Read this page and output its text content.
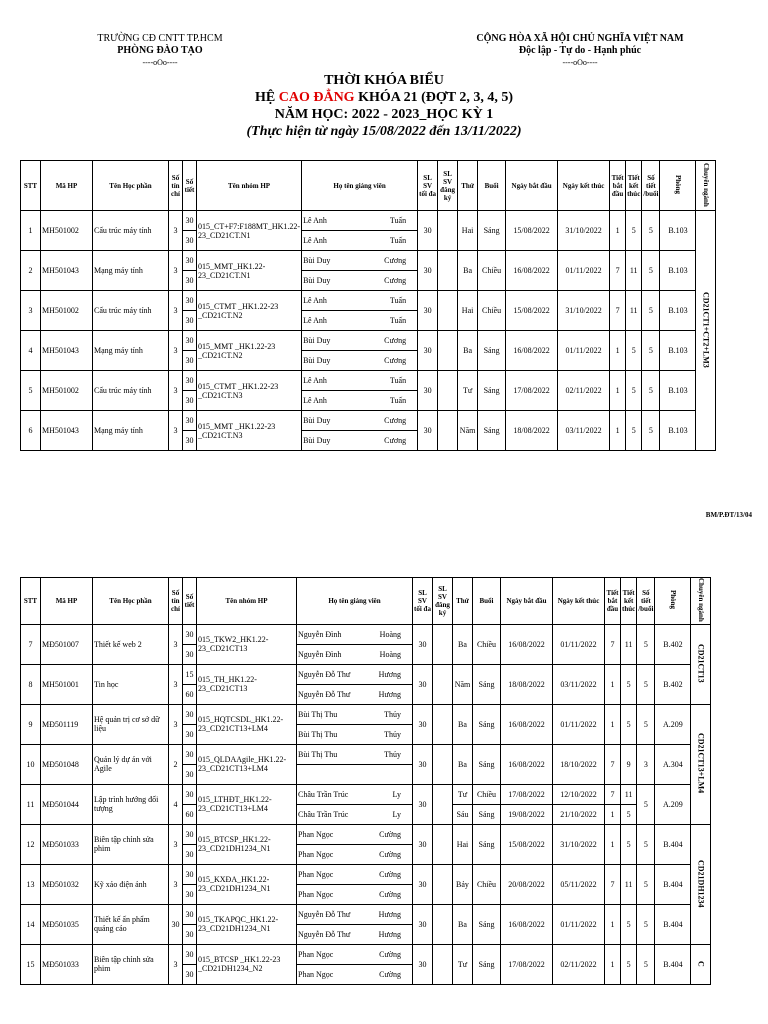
TRƯỜNG CĐ CNTT TP.HCM
PHÒNG ĐÀO TẠO
----oOo----
CỘNG HÒA XÃ HỘI CHỦ NGHĨA VIỆT NAM
Độc lập - Tự do - Hạnh phúc
----oOo----
THỜI KHÓA BIỂU
HỆ CAO ĐẲNG KHÓA 21 (ĐỢT 2, 3, 4, 5)
NĂM HỌC: 2022 - 2023_HỌC KỲ 1
(Thực hiện từ ngày 15/08/2022 đến 13/11/2022)
STT	Mã HP	Tên Học phần	Số tín chỉ	Số tiết	Tên nhóm HP	Họ tên giảng viên	SL SV tối đa	SL SV đăng ký	Thứ	Buổi	Ngày bắt đầu	Ngày kết thúc	Tiết bắt đầu	Tiết kết thúc	Số tiết /buổi	Phòng	Chuyên ngành
1	MH501002	Cấu trúc máy tính	3	30	015_CT+F7:F188MT_HK1.22-23_CD21CT.N1	Lê Anh Tuấn	30		Hai	Sáng	15/08/2022	31/10/2022	1	5	5	B.103	CD21CT1+CT2+LM3
				30		Lê Anh Tuấn											

2	MH501043	Mạng máy tính	3	30	015_MMT_HK1.22-23_CD21CT.N1	Bùi Duy Cương	30		Ba	Chiều	16/08/2022	01/11/2022	7	11	5	B.103	
				30		Bùi Duy Cương											

3	MH501002	Cấu trúc máy tính	3	30	015_CTMT _HK1.22-23 _CD21CT.N2	Lê Anh Tuấn	30		Hai	Chiều	15/08/2022	31/10/2022	7	11	5	B.103	
				30		Lê Anh Tuấn											

4	MH501043	Mạng máy tính	3	30	015_MMT _HK1.22-23 _CD21CT.N2	Bùi Duy Cương	30		Ba	Sáng	16/08/2022	01/11/2022	1	5	5	B.103	
				30		Bùi Duy Cương											

5	MH501002	Cấu trúc máy tính	3	30	015_CTMT _HK1.22-23 _CD21CT.N3	Lê Anh Tuấn	30		Tư	Sáng	17/08/2022	02/11/2022	1	5	5	B.103	
				30		Lê Anh Tuấn											

6	MH501043	Mạng máy tính	3	30	015_MMT _HK1.22-23 _CD21CT.N3	Bùi Duy Cương	30		Năm	Sáng	18/08/2022	03/11/2022	1	5	5	B.103	
				30		Bùi Duy Cương											
BM/P.ĐT/13/04
STT	Mã HP	Tên Học phần	Số tín chỉ	Số tiết	Tên nhóm HP	Họ tên giảng viên	SL SV tối đa	SL SV đăng ký	Thứ	Buổi	Ngày bắt đầu	Ngày kết thúc	Tiết bắt đầu	Tiết kết thúc	Số tiết /buổi	Phòng	Chuyên ngành
7	MĐ501007	Thiết kế web 2	3	30	015_TKW2_HK1.22-23_CD21CT13	Nguyễn Đình Hoàng	30		Ba	Chiều	16/08/2022	01/11/2022	7	11	5	B.402	CD21CT13
				30		Nguyễn Đình Hoàng											

8	MH501001	Tin học	3	15	015_TH_HK1.22-23_CD21CT13	Nguyễn Đỗ Thư Hương	30		Năm	Sáng	18/08/2022	03/11/2022	1	5	5	B.402	
				60		Nguyễn Đỗ Thư Hương											

9	MĐ501119	Hệ quản trị cơ sở dữ liệu	3	30	015_HQTCSDL_HK1.22-23_CD21CT13+LM4	Bùi Thị Thu Thủy	30		Ba	Sáng	16/08/2022	01/11/2022	1	5	5	A.209	CD21CT13+LM4
				30		Bùi Thị Thu Thủy											

10	MĐ501048	Quản lý dự án với Agile	2	30	015_QLDAAgile_HK1.22-23_CD21CT13+LM4	Bùi Thị Thu Thủy	30		Ba	Sáng	16/08/2022	18/10/2022	7	9	3	A.304	
				30													

11	MĐ501044	Lập trình hướng đối tượng	4	30	015_LTHĐT_HK1.22-23_CD21CT13+LM4	Châu Trần Trúc Ly	30		Tư	Chiều	17/08/2022	12/10/2022	7	11	5	A.209	
				60		Châu Trần Trúc Ly			Sáu	Sáng	19/08/2022	21/10/2022	1	5			
12	MĐ501033	Biên tập chỉnh sửa phim	3	30	015_BTCSP_HK1.22-23_CD21DH1234_N1	Phan Ngọc Cường	30		Hai	Sáng	15/08/2022	31/10/2022	1	5	5	B.404	CD21DH1234
				30		Phan Ngọc Cường											

13	MĐ501032	Kỹ xảo điện ảnh	3	30	015_KXĐA_HK1.22-23_CD21DH1234_N1	Phan Ngọc Cường	30		Bảy	Chiều	20/08/2022	05/11/2022	7	11	5	B.404	
				30		Phan Ngọc Cường											

14	MĐ501035	Thiết kế ấn phẩm quảng cáo	30	30	015_TKAPQC_HK1.22-23_CD21DH1234_N1	Nguyễn Đỗ Thư Hương	30		Ba	Sáng	16/08/2022	01/11/2022	1	5	5	B.404	
				30		Nguyễn Đỗ Thư Hương											

15	MĐ501033	Biên tập chỉnh sửa phim	3	30	015_BTCSP _HK1.22-23 _CD21DH1234_N2	Phan Ngọc Cường	30		Tư	Sáng	17/08/2022	02/11/2022	1	5	5	B.404	C
				30		Phan Ngọc Cường											
